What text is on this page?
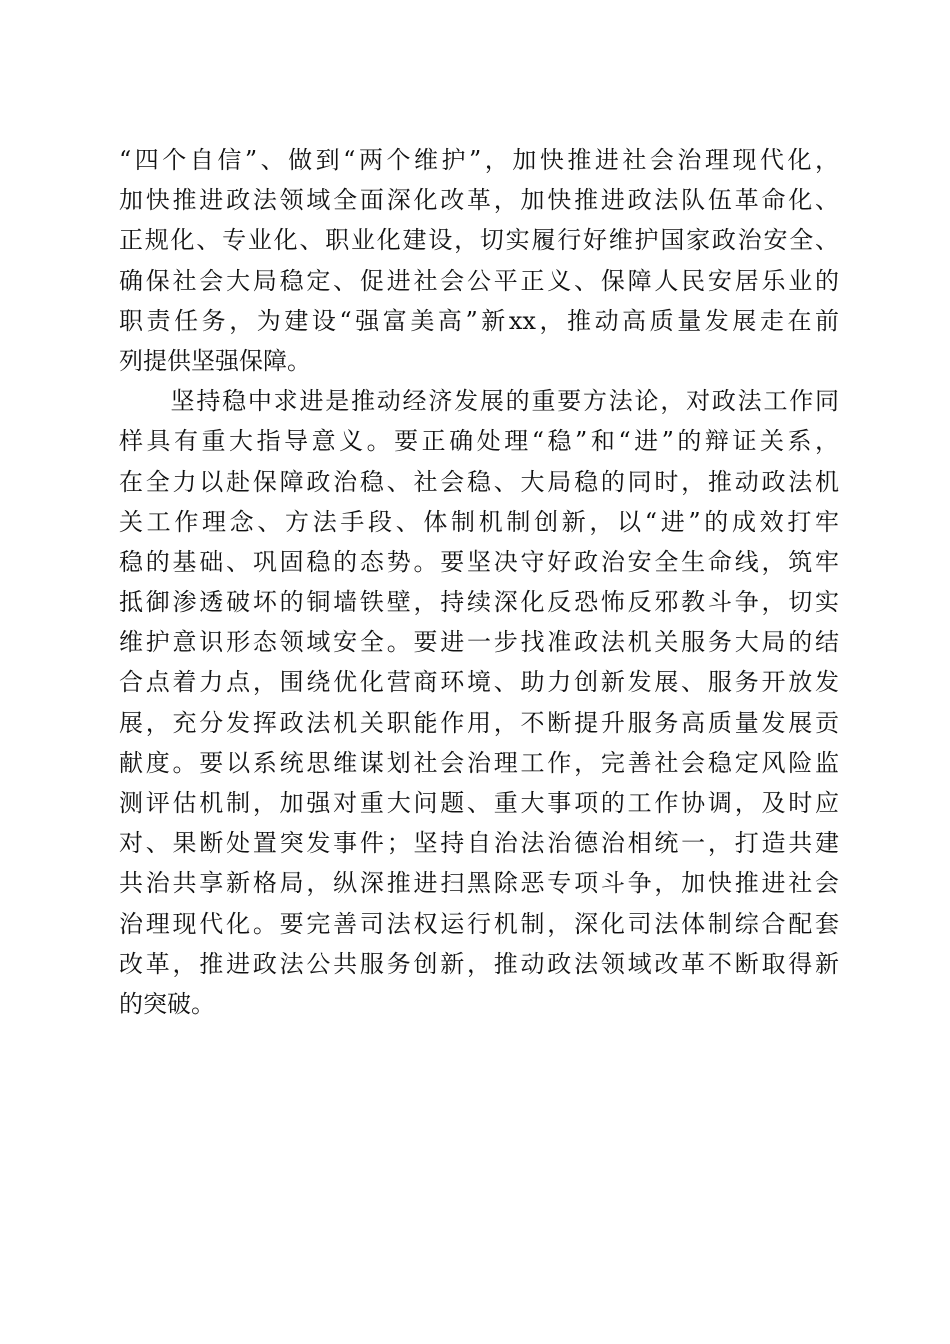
“四个自信”、做到“两个维护”，加快推进社会治理现代化，
加快推进政法领域全面深化改革，加快推进政法队伍革命化、
正规化、专业化、职业化建设，切实履行好维护国家政治安全、
确保社会大局稳定、促进社会公平正义、保障人民安居乐业的
职责任务，为建设“强富美高”新xx，推动高质量发展走在前
列提供坚强保障。
　　坚持稳中求进是推动经济发展的重要方法论，对政法工作同
样具有重大指导意义。要正确处理“稳”和“进”的辩证关系，
在全力以赴保障政治稳、社会稳、大局稳的同时，推动政法机
关工作理念、方法手段、体制机制创新，以“进”的成效打牢
稳的基础、巩固稳的态势。要坚决守好政治安全生命线，筑牢
抵御渗透破坏的铜墙铁壁，持续深化反恐怖反邪教斗争，切实
维护意识形态领域安全。要进一步找准政法机关服务大局的结
合点着力点，围绕优化营商环境、助力创新发展、服务开放发
展，充分发挥政法机关职能作用，不断提升服务高质量发展贡
献度。要以系统思维谋划社会治理工作，完善社会稳定风险监
测评估机制，加强对重大问题、重大事项的工作协调，及时应
对、果断处置突发事件；坚持自治法治德治相统一，打造共建
共治共享新格局，纵深推进扫黑除恶专项斗争，加快推进社会
治理现代化。要完善司法权运行机制，深化司法体制综合配套
改革，推进政法公共服务创新，推动政法领域改革不断取得新
的突破。
